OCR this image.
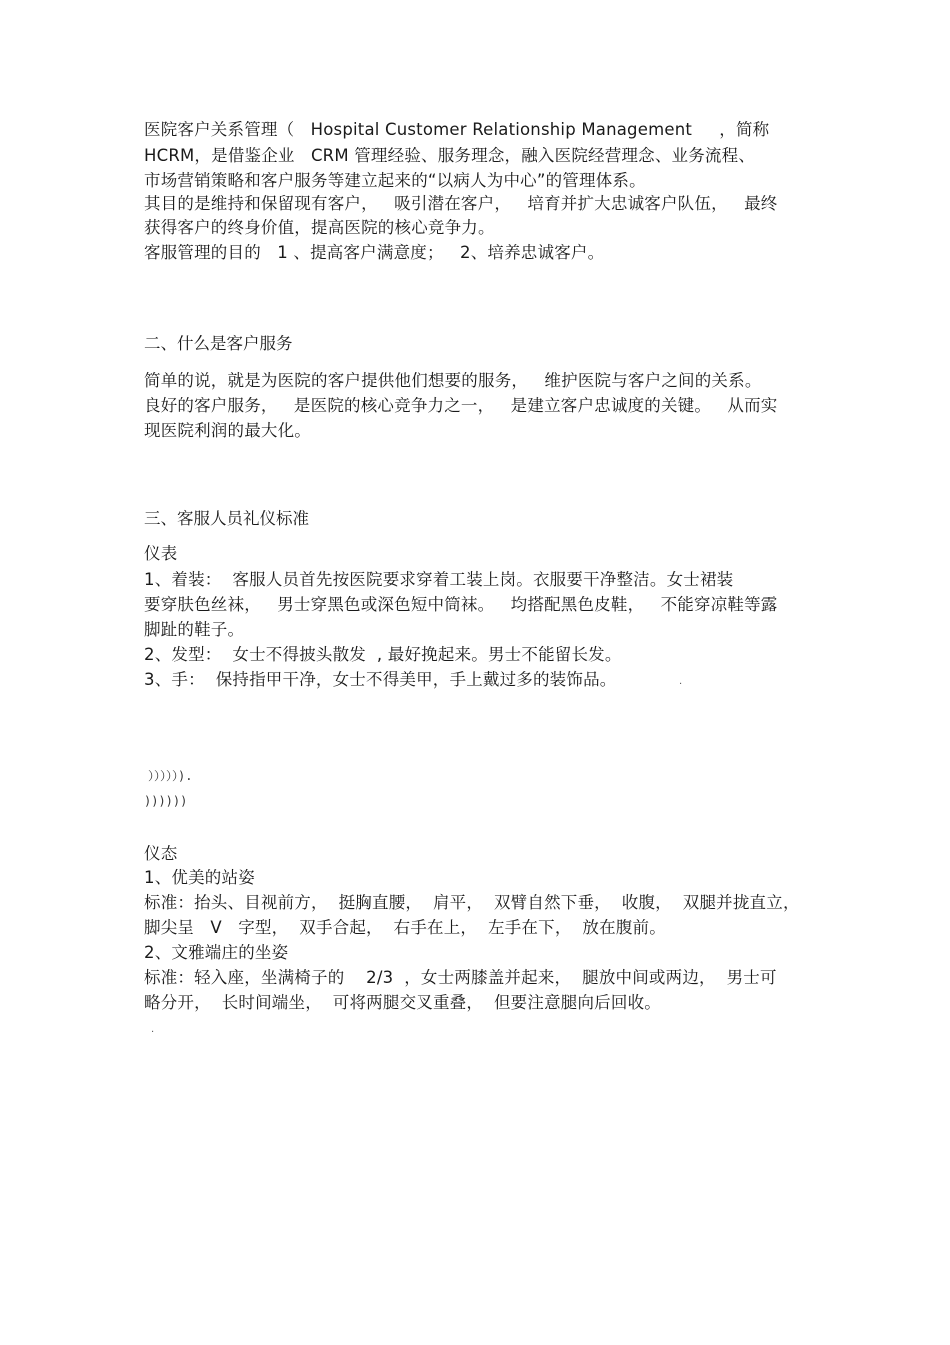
医院客户关系管理（   Hospital Customer Relationship Management     ，简称
HCRM，是借鉴企业   CRM 管理经验、服务理念，融入医院经营理念、业务流程、
市场营销策略和客户服务等建立起来的“以病人为中心”的管理体系。
其目的是维持和保留现有客户，   吸引潜在客户，   培育并扩大忠诚客户队伍，   最终
获得客户的终身价值，提高医院的核心竞争力。
客服管理的目的   1 、提高客户满意度；   2、培养忠诚客户。
二、什么是客户服务
简单的说，就是为医院的客户提供他们想要的服务，   维护医院与客户之间的关系。
良好的客户服务，   是医院的核心竞争力之一，   是建立客户忠诚度的关键。   从而实
现医院利润的最大化。
三、客服人员礼仪标准
仪表
1、着装：  客服人员首先按医院要求穿着工装上岗。衣服要干净整洁。女士裙装
要穿肤色丝袜，   男士穿黑色或深色短中筒袜。   均搭配黑色皮鞋，   不能穿凉鞋等露
脚趾的鞋子。
2、发型：  女士不得披头散发  , 最好挽起来。男士不能留长发。
3、手：  保持指甲干净，女士不得美甲，手上戴过多的装饰品。	.
）））））).
))))))
仪态
1、优美的站姿
标准：抬头、目视前方，  挺胸直腰，  肩平，  双臂自然下垂，  收腹，  双腿并拢直立，
脚尖呈   V   字型，  双手合起，  右手在上，  左手在下，  放在腹前。
2、文雅端庄的坐姿
标准：轻入座，坐满椅子的    2/3  ，女士两膝盖并起来，  腿放中间或两边，  男士可
略分开，  长时间端坐，  可将两腿交叉重叠，  但要注意腿向后回收。
.
